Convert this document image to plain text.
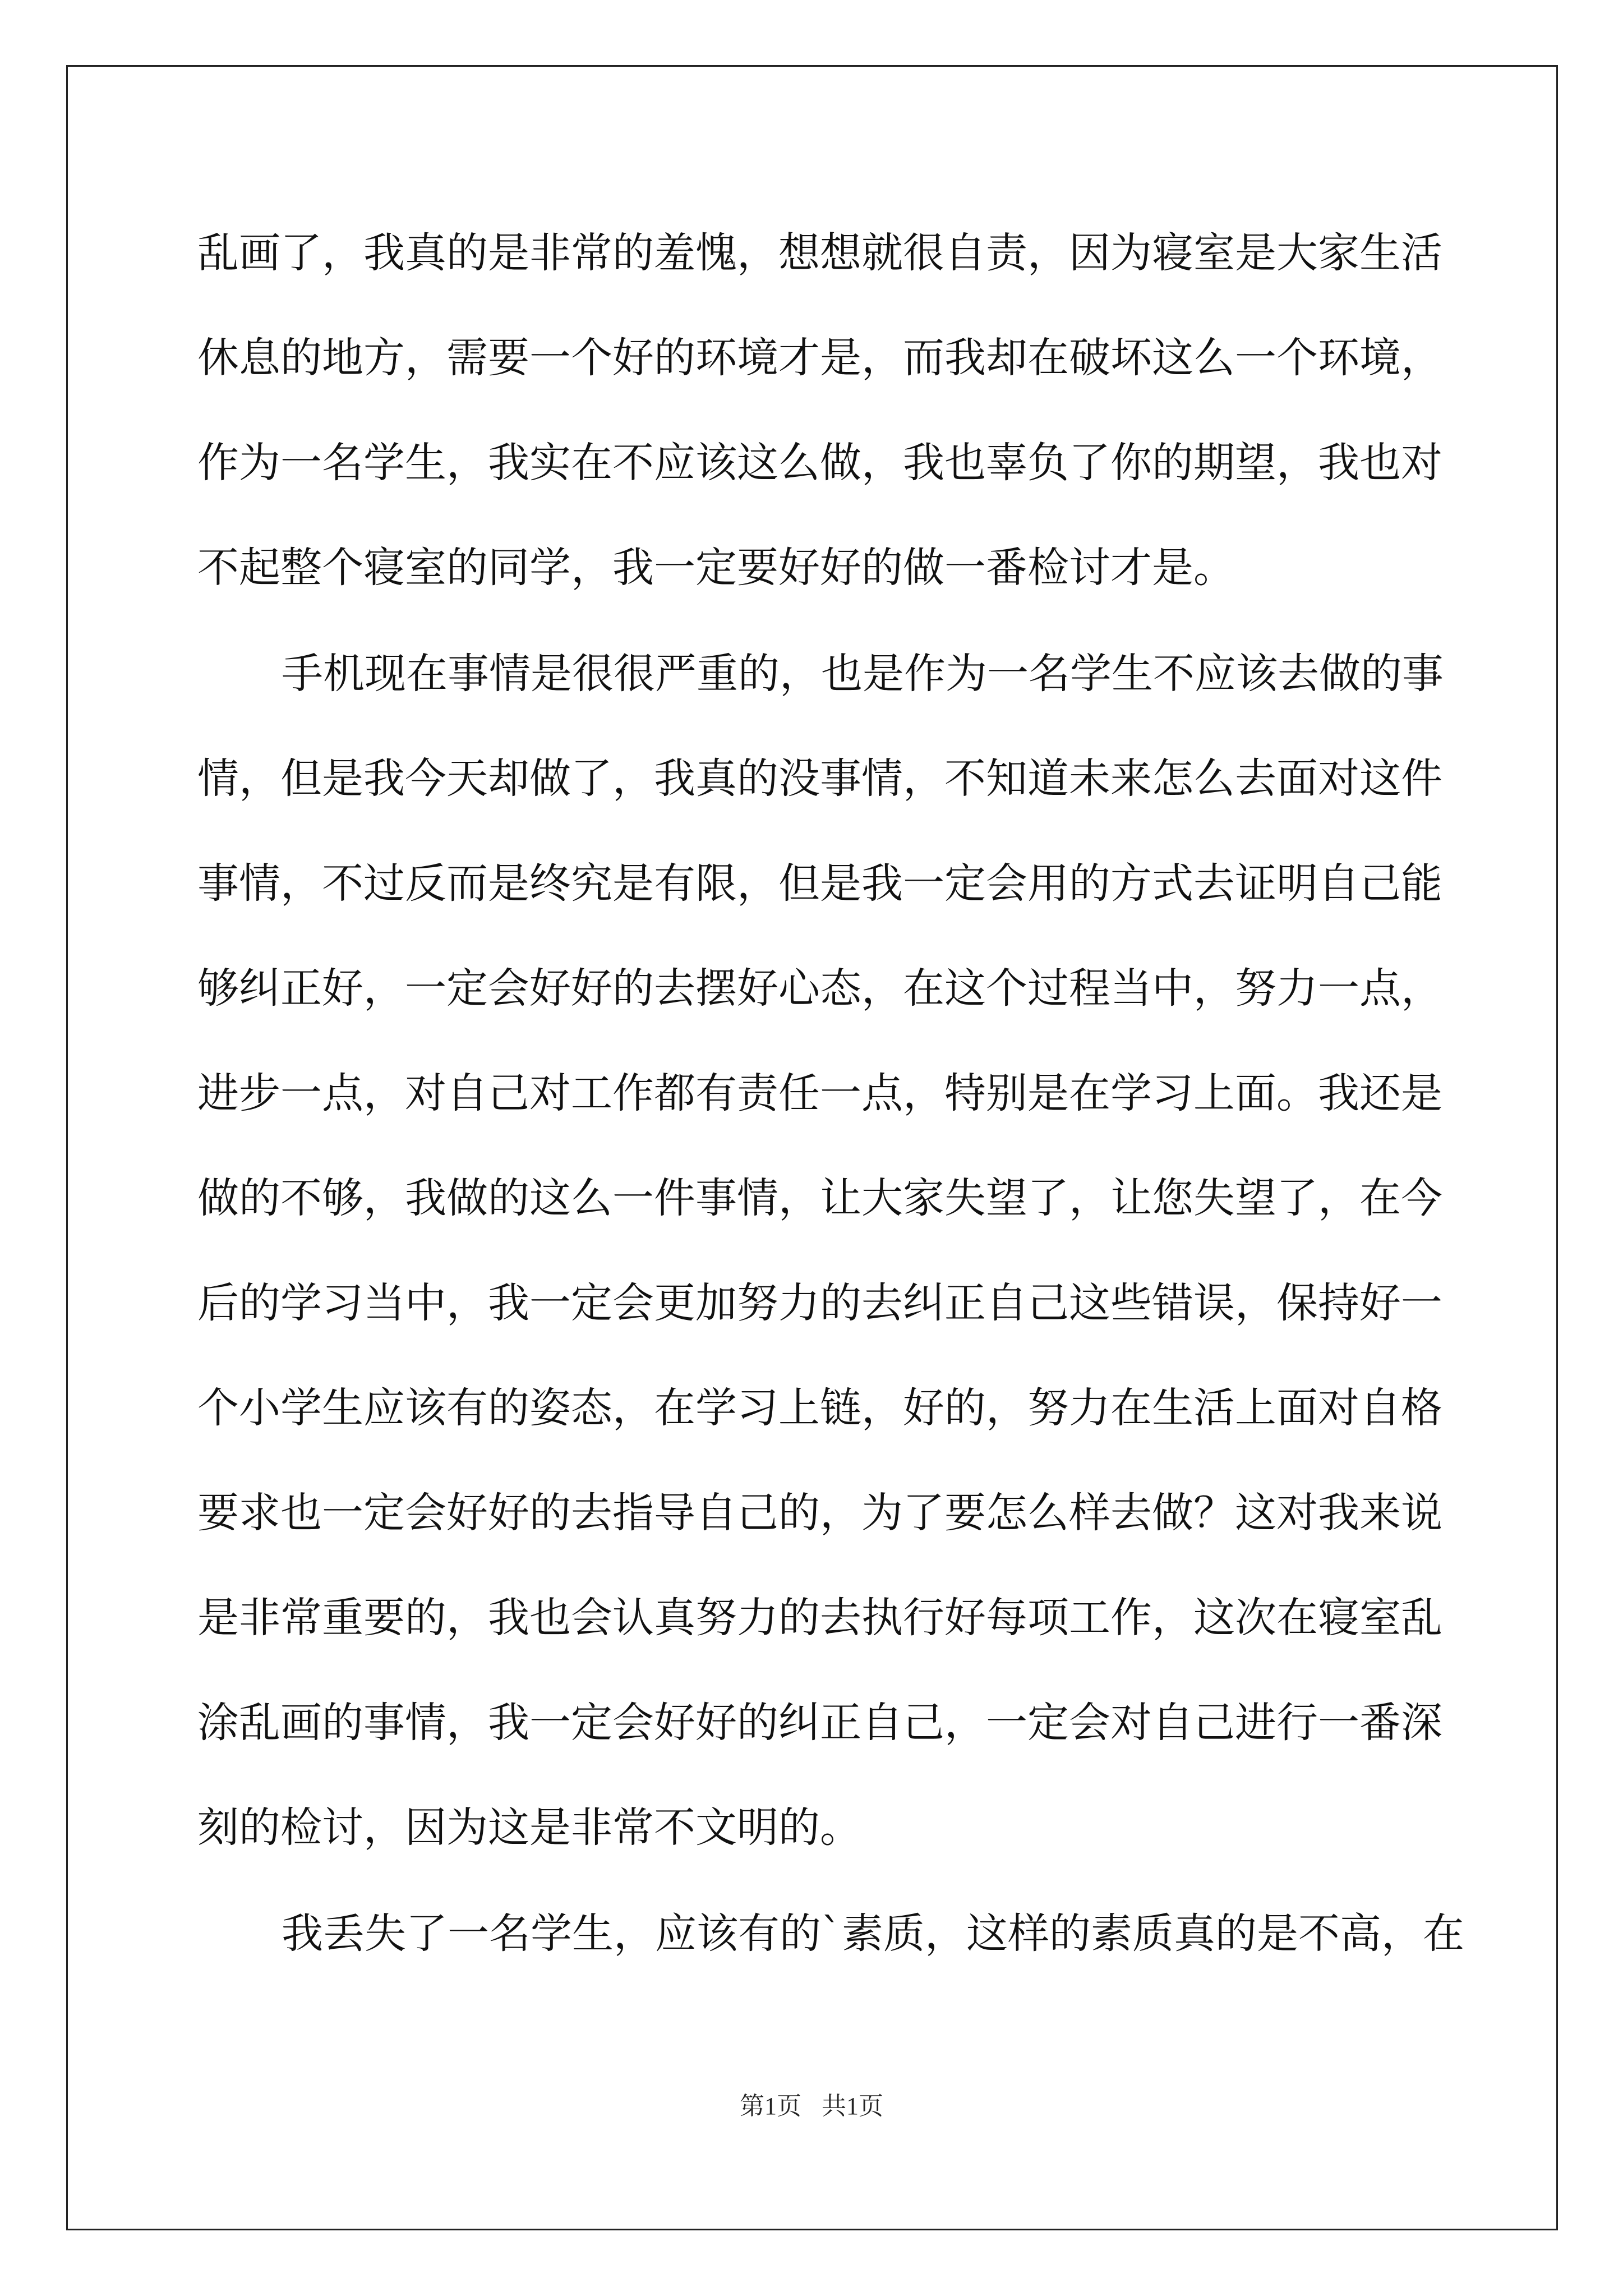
乱画了，我真的是非常的羞愧，想想就很自责，因为寝室是大家生活
休息的地方，需要一个好的环境才是，而我却在破坏这么一个环境，
作为一名学生，我实在不应该这么做，我也辜负了你的期望，我也对
不起整个寝室的同学，我一定要好好的做一番检讨才是。
手机现在事情是很很严重的，也是作为一名学生不应该去做的事
情，但是我今天却做了，我真的没事情，不知道未来怎么去面对这件
事情，不过反而是终究是有限，但是我一定会用的方式去证明自己能
够纠正好，一定会好好的去摆好心态，在这个过程当中，努力一点，
进步一点，对自己对工作都有责任一点，特别是在学习上面。我还是
做的不够，我做的这么一件事情，让大家失望了，让您失望了，在今
后的学习当中，我一定会更加努力的去纠正自己这些错误，保持好一
个小学生应该有的姿态，在学习上链，好的，努力在生活上面对自格
要求也一定会好好的去指导自己的，为了要怎么样去做？这对我来说
是非常重要的，我也会认真努力的去执行好每项工作，这次在寝室乱
涂乱画的事情，我一定会好好的纠正自己，一定会对自己进行一番深
刻的检讨，因为这是非常不文明的。
我丢失了一名学生，应该有的`素质，这样的素质真的是不高，在
第1页 共1页
